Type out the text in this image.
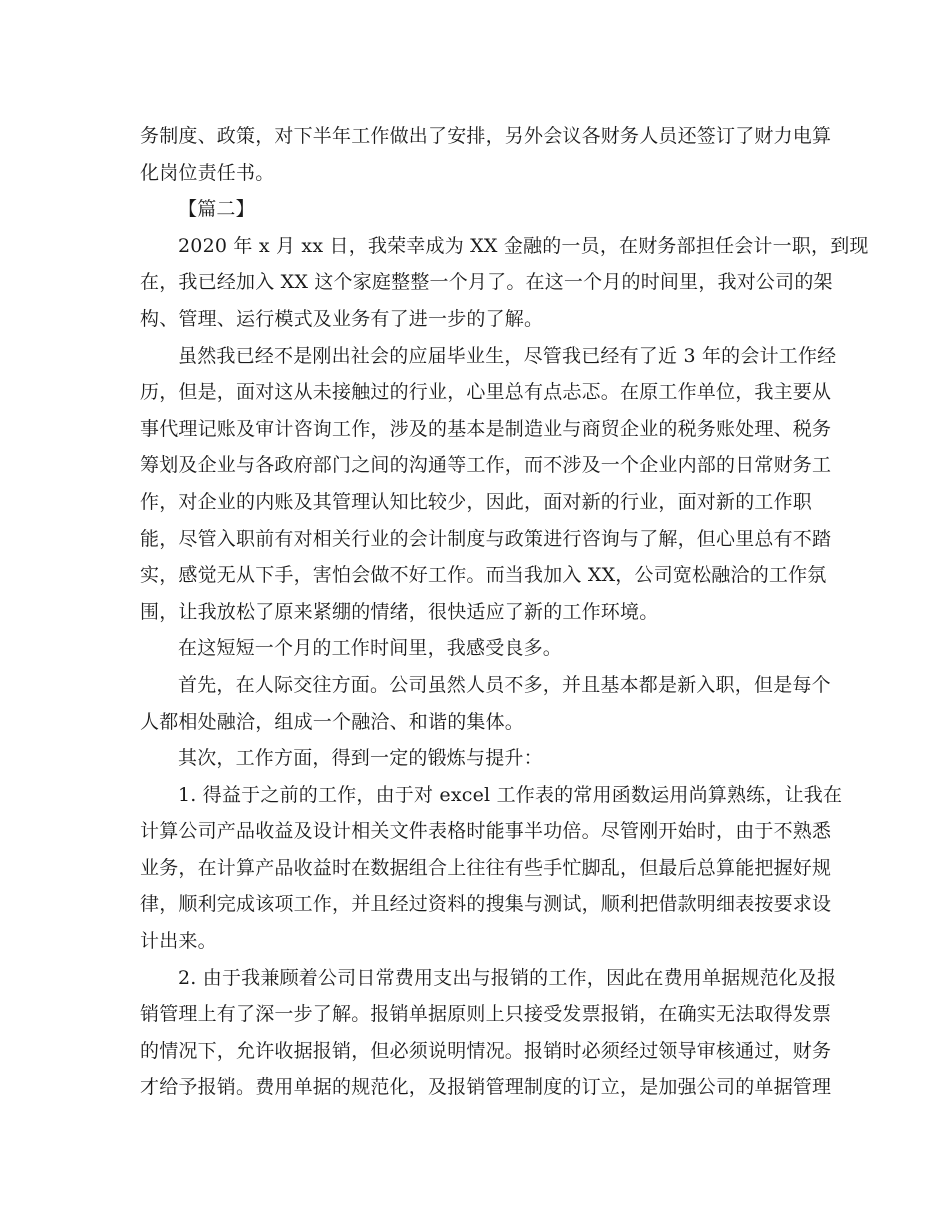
务制度、政策，对下半年工作做出了安排，另外会议各财务人员还签订了财力电算
化岗位责任书。
【篇二】
2020 年 x 月 xx 日，我荣幸成为 XX 金融的一员，在财务部担任会计一职，到现
在，我已经加入 XX 这个家庭整整一个月了。在这一个月的时间里，我对公司的架
构、管理、运行模式及业务有了进一步的了解。
虽然我已经不是刚出社会的应届毕业生，尽管我已经有了近 3 年的会计工作经
历，但是，面对这从未接触过的行业，心里总有点忐忑。在原工作单位，我主要从
事代理记账及审计咨询工作，涉及的基本是制造业与商贸企业的税务账处理、税务
筹划及企业与各政府部门之间的沟通等工作，而不涉及一个企业内部的日常财务工
作，对企业的内账及其管理认知比较少，因此，面对新的行业，面对新的工作职
能，尽管入职前有对相关行业的会计制度与政策进行咨询与了解，但心里总有不踏
实，感觉无从下手，害怕会做不好工作。而当我加入 XX，公司宽松融洽的工作氛
围，让我放松了原来紧绷的情绪，很快适应了新的工作环境。
在这短短一个月的工作时间里，我感受良多。
首先，在人际交往方面。公司虽然人员不多，并且基本都是新入职，但是每个
人都相处融洽，组成一个融洽、和谐的集体。
其次，工作方面，得到一定的锻炼与提升：
1. 得益于之前的工作，由于对 excel 工作表的常用函数运用尚算熟练，让我在
计算公司产品收益及设计相关文件表格时能事半功倍。尽管刚开始时，由于不熟悉
业务，在计算产品收益时在数据组合上往往有些手忙脚乱，但最后总算能把握好规
律，顺利完成该项工作，并且经过资料的搜集与测试，顺利把借款明细表按要求设
计出来。
2. 由于我兼顾着公司日常费用支出与报销的工作，因此在费用单据规范化及报
销管理上有了深一步了解。报销单据原则上只接受发票报销，在确实无法取得发票
的情况下，允许收据报销，但必须说明情况。报销时必须经过领导审核通过，财务
才给予报销。费用单据的规范化，及报销管理制度的订立，是加强公司的单据管理
